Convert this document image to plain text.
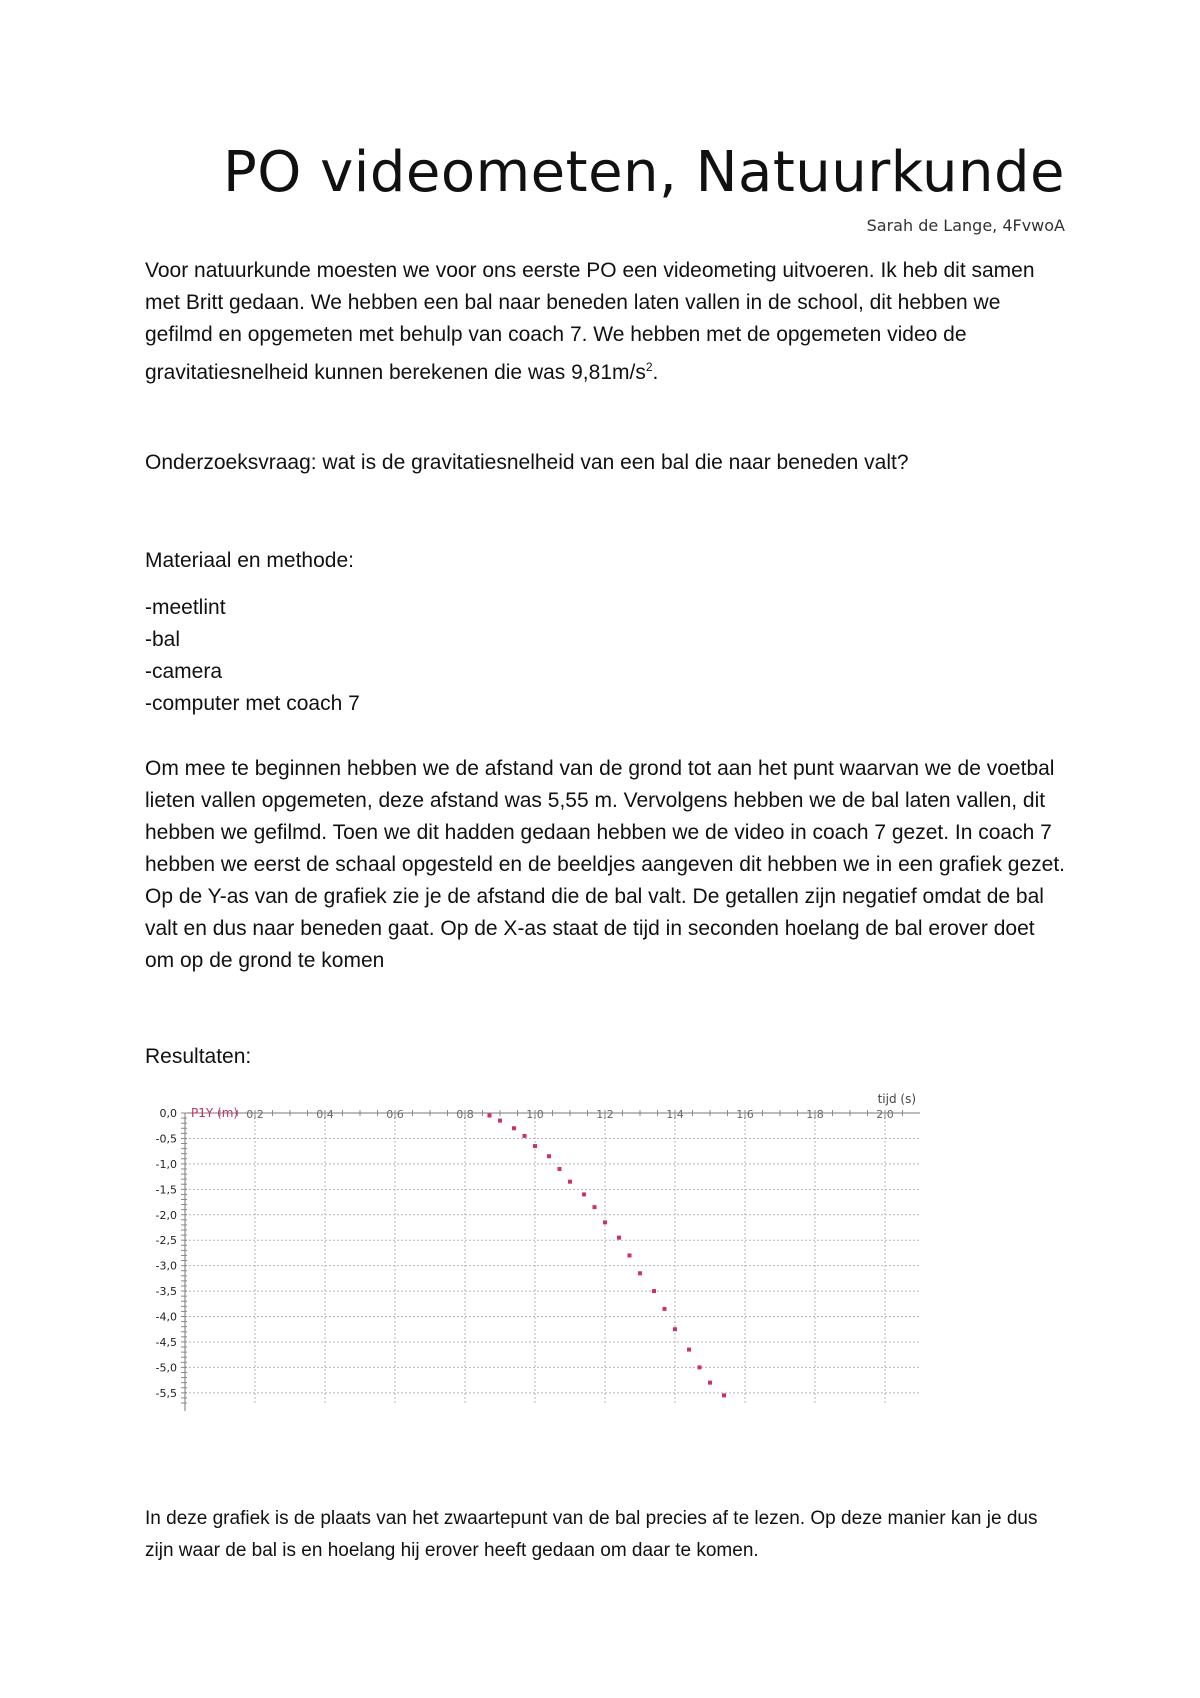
PO videometen, Natuurkunde
Sarah de Lange, 4FvwoA

Voor natuurkunde moesten we voor ons eerste PO een videometing uitvoeren. Ik heb dit samen met Britt gedaan. We hebben een bal naar beneden laten vallen in de school, dit hebben we gefilmd en opgemeten met behulp van coach 7. We hebben met de opgemeten video de gravitatiesnelheid kunnen berekenen die was $9,81m/s^2$.

Onderzoeksvraag: wat is de gravitatiesnelheid van een bal die naar beneden valt?

Materiaal en methode:

-meetlint
-bal
-camera
-computer met coach 7

Om mee te beginnen hebben we de afstand van de grond tot aan het punt waarvan we de voetbal lieten vallen opgemeten, deze afstand was 5,55 m. Vervolgens hebben we de bal laten vallen, dit hebben we gefilmd. Toen we dit hadden gedaan hebben we de video in coach 7 gezet. In coach 7 hebben we eerst de schaal opgesteld en de beeldjes aangeven dit hebben we in een grafiek gezet. Op de Y-as van de grafiek zie je de afstand die de bal valt. De getallen zijn negatief omdat de bal valt en dus naar beneden gaat. Op de X-as staat de tijd in seconden hoelang de bal erover doet om op de grond te komen

Resultaten:

0,0
-0,5
-1,0
-1,5
-2,0
-2,5
-3,0
-3,5
-4,0
-4,5
-5,0
-5,5
0,2	0,4	0,6	0,8	1,0	1,2	1,4	1,6	1,8	2,0
tijd (s)
P1Y (m)

In deze grafiek is de plaats van het zwaartepunt van de bal precies af te lezen. Op deze manier kan je dus zijn waar de bal is en hoelang hij erover heeft gedaan om daar te komen.
